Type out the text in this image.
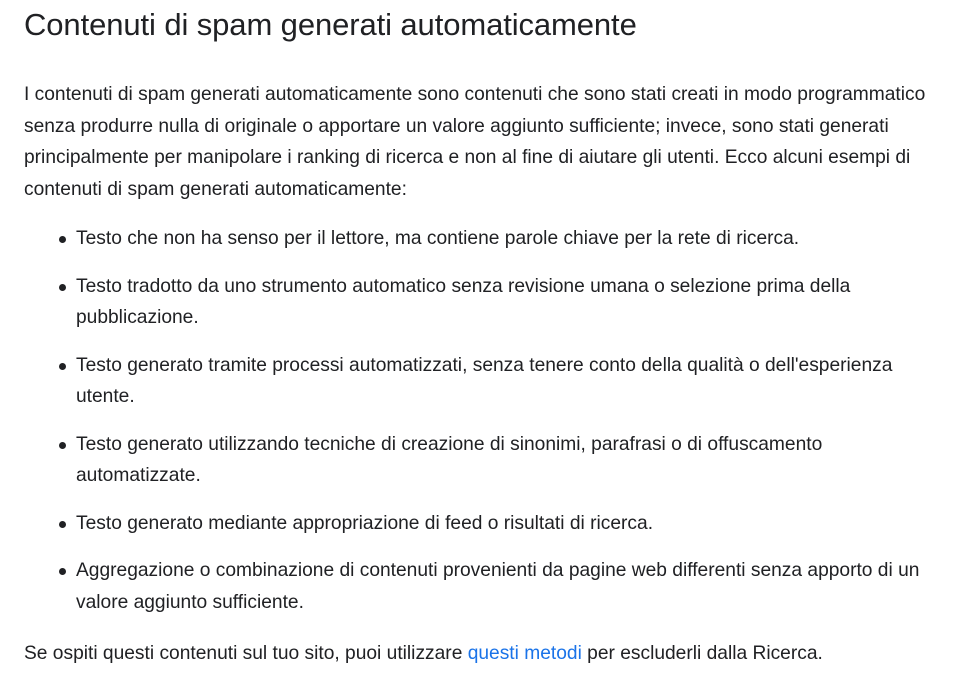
Contenuti di spam generati automaticamente

I contenuti di spam generati automaticamente sono contenuti che sono stati creati in modo programmatico senza produrre nulla di originale o apportare un valore aggiunto sufficiente; invece, sono stati generati principalmente per manipolare i ranking di ricerca e non al fine di aiutare gli utenti. Ecco alcuni esempi di contenuti di spam generati automaticamente:

Testo che non ha senso per il lettore, ma contiene parole chiave per la rete di ricerca.
Testo tradotto da uno strumento automatico senza revisione umana o selezione prima della pubblicazione.
Testo generato tramite processi automatizzati, senza tenere conto della qualità o dell'esperienza utente.
Testo generato utilizzando tecniche di creazione di sinonimi, parafrasi o di offuscamento automatizzate.
Testo generato mediante appropriazione di feed o risultati di ricerca.
Aggregazione o combinazione di contenuti provenienti da pagine web differenti senza apporto di un valore aggiunto sufficiente.

Se ospiti questi contenuti sul tuo sito, puoi utilizzare questi metodi per escluderli dalla Ricerca.
